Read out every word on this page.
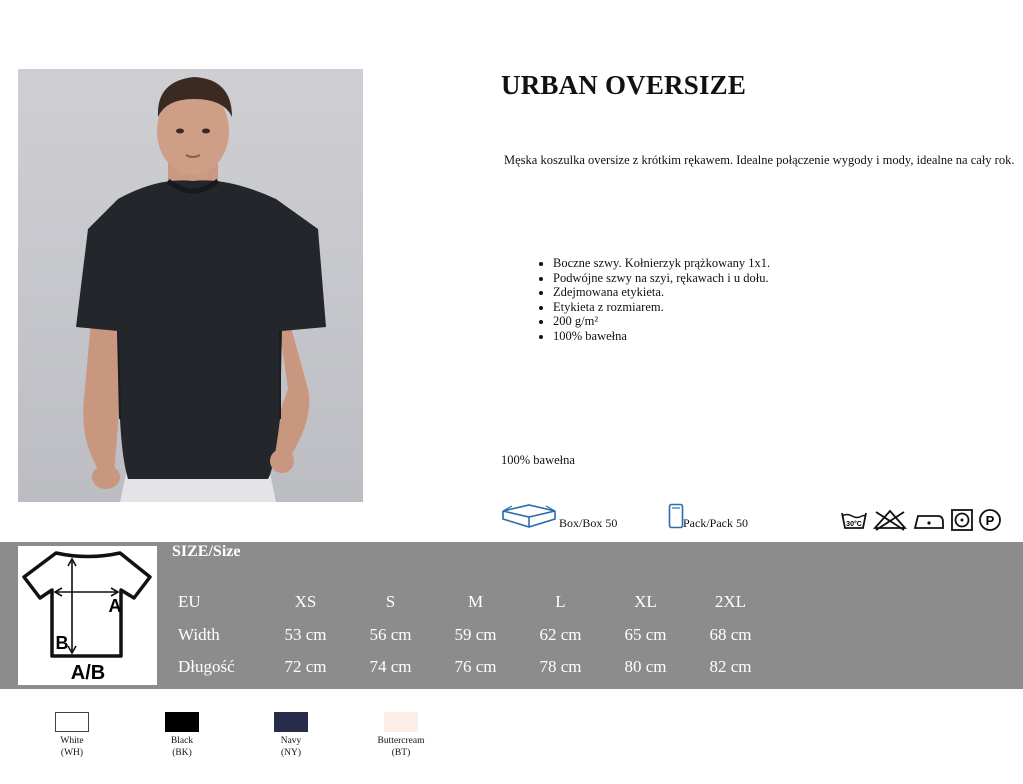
URBAN OVERSIZE
Męska koszulka oversize z krótkim rękawem. Idealne połączenie wygody i mody, idealne na cały rok.
• Boczne szwy. Kołnierzyk prążkowany 1x1.
• Podwójne szwy na szyi, rękawach i u dołu.
• Zdejmowana etykieta.
• Etykieta z rozmiarem.
• 200 g/m²
• 100% bawełna
100% bawełna
Box/Box 50	Pack/Pack 50	30°C	P
A
B
A/B
SIZE/Size
EU	XS	S	M	L	XL	2XL
Width	53 cm	56 cm	59 cm	62 cm	65 cm	68 cm
Długość	72 cm	74 cm	76 cm	78 cm	80 cm	82 cm
White
(WH)
Black
(BK)
Navy
(NY)
Buttercream
(BT)
